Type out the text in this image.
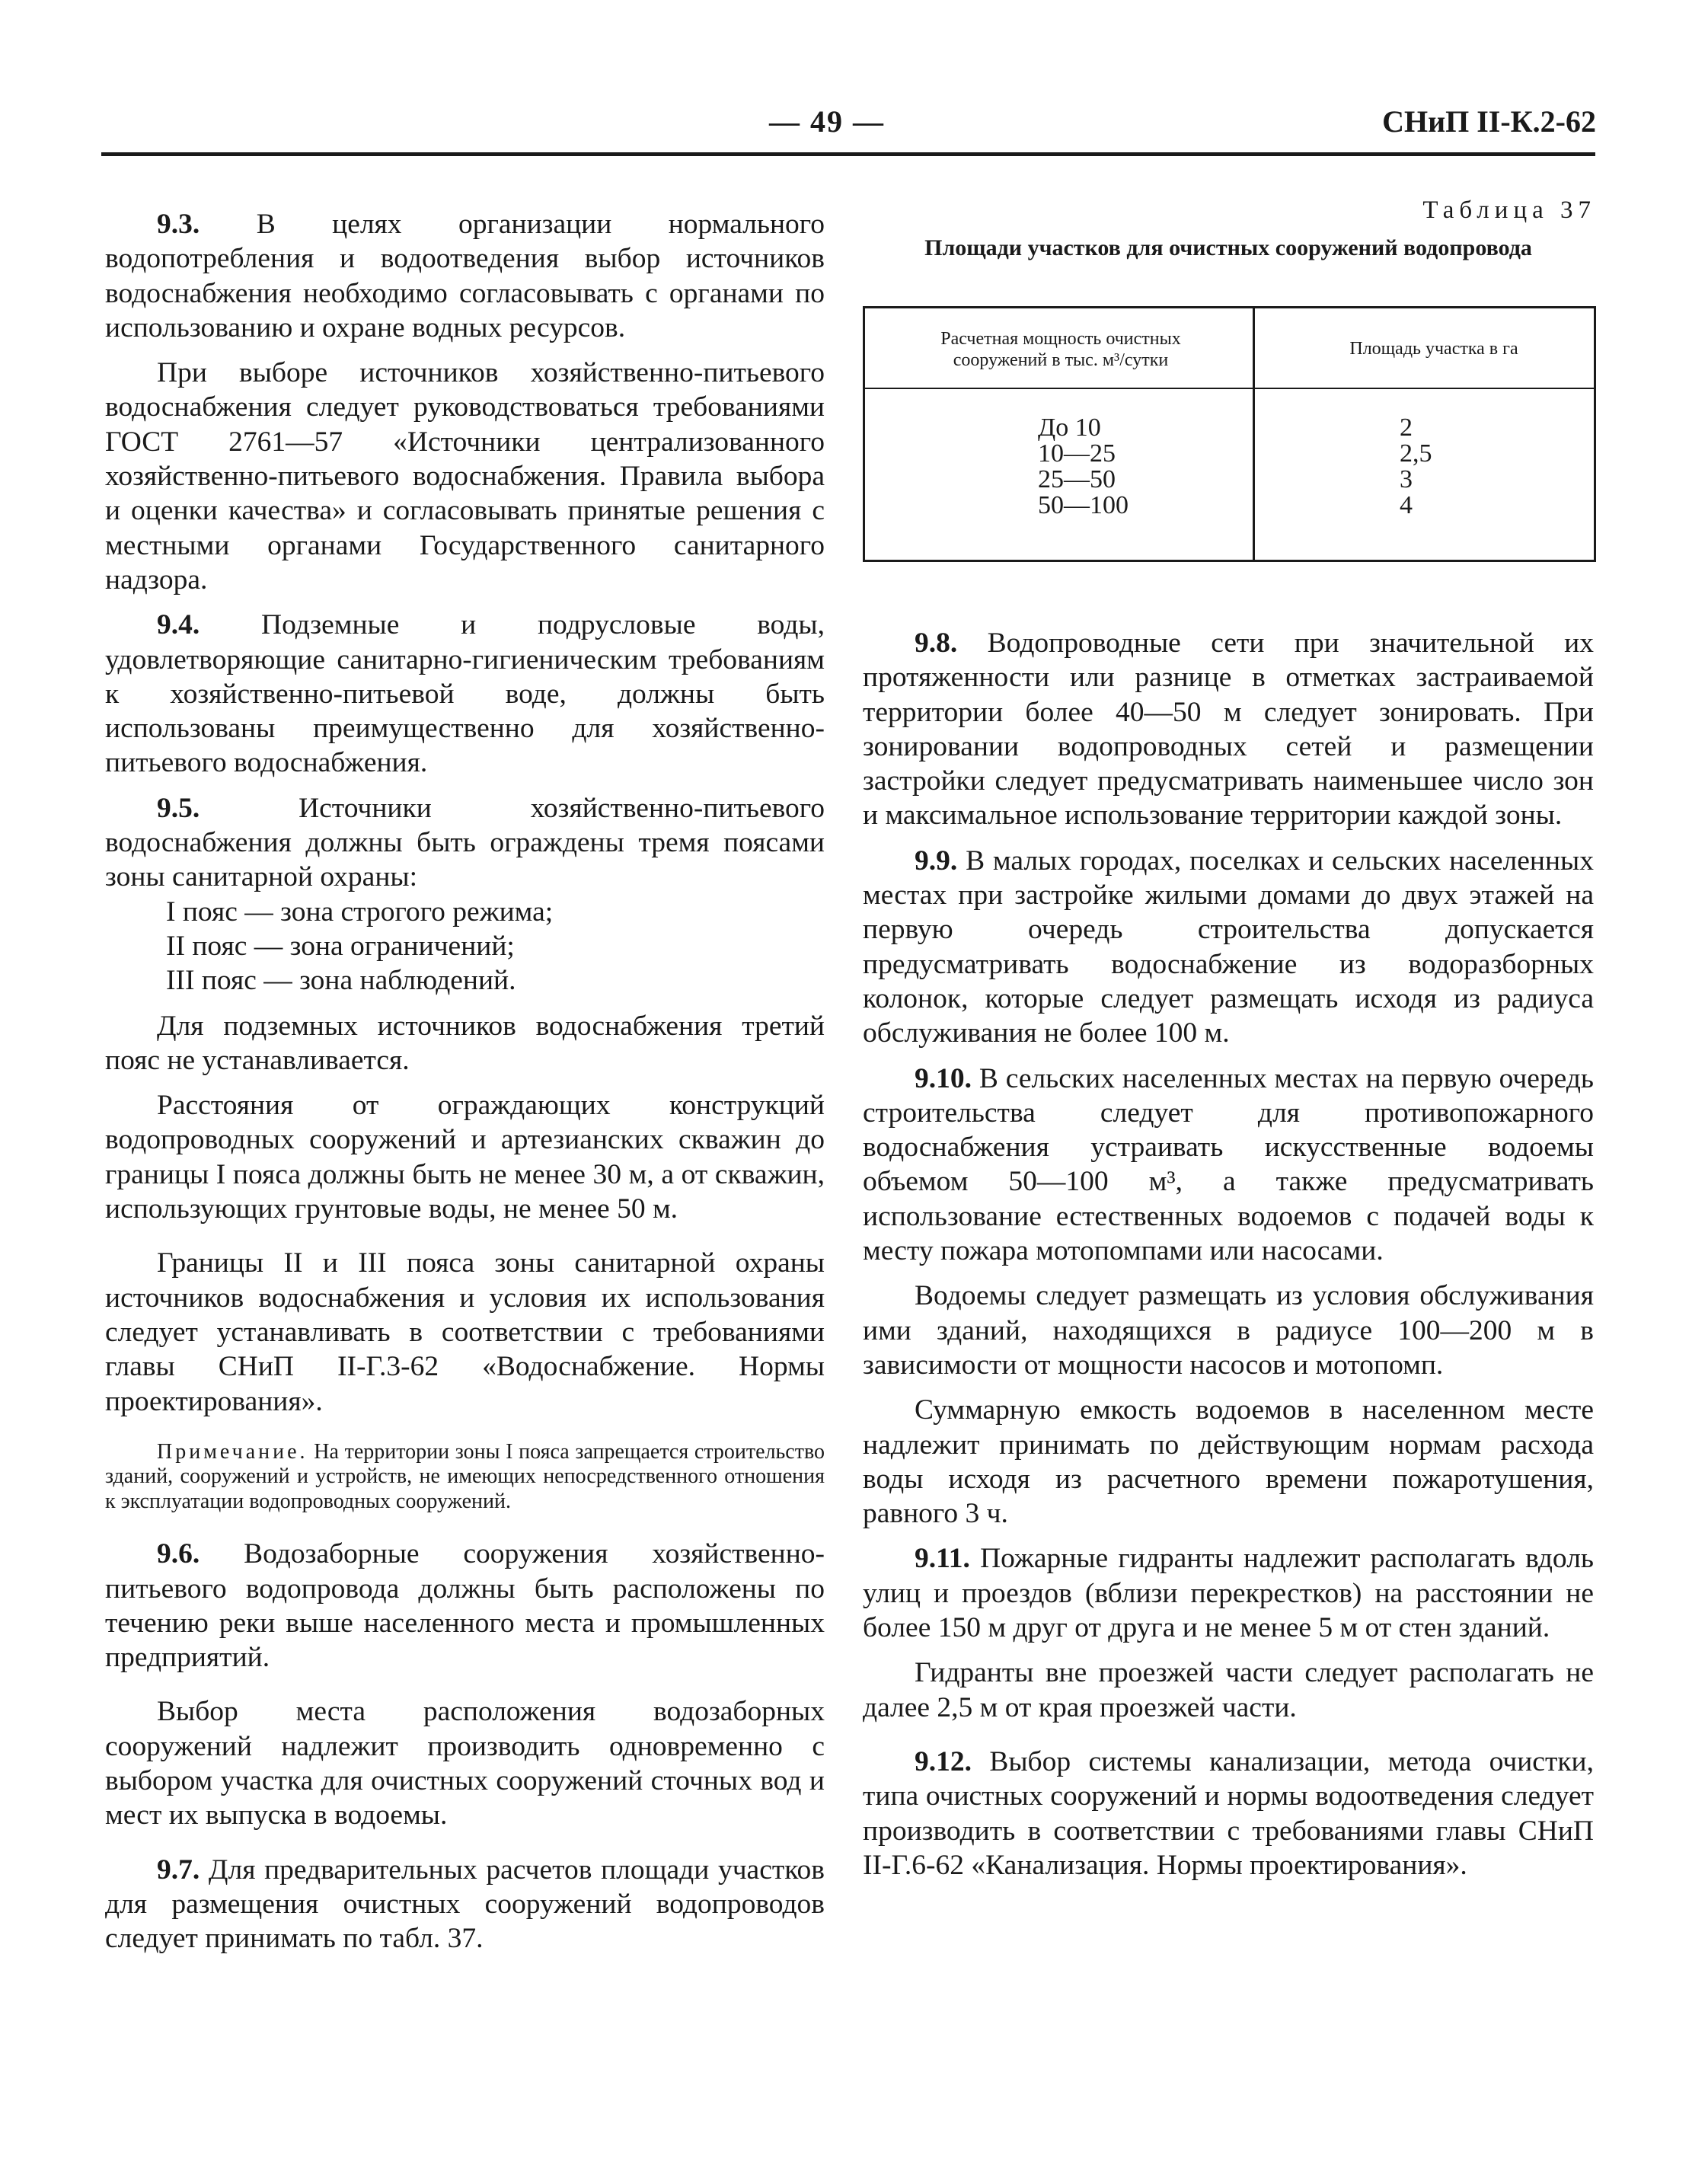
— 49 —	СНиП II-К.2-62

9.3. В целях организации нормального водопотребления и водоотведения выбор источников водоснабжения необходимо согласовывать с органами по использованию и охране водных ресурсов.

При выборе источников хозяйственно-питьевого водоснабжения следует руководствоваться требованиями ГОСТ 2761—57 «Источники централизованного хозяйственно-питьевого водоснабжения. Правила выбора и оценки качества» и согласовывать принятые решения с местными органами Государственного санитарного надзора.

9.4. Подземные и подрусловые воды, удовлетворяющие санитарно-гигиеническим требованиям к хозяйственно-питьевой воде, должны быть использованы преимущественно для хозяйственно-питьевого водоснабжения.

9.5.	Источники хозяйственно-питьевого водоснабжения должны быть ограждены тремя поясами зоны санитарной охраны:

I пояс — зона строгого режима;

II пояс — зона ограничений;

III пояс — зона наблюдений.

Для подземных источников водоснабжения третий пояс не устанавливается.

Расстояния от ограждающих конструкций водопроводных сооружений и артезианских скважин до границы I пояса должны быть не менее 30 м, а от скважин, использующих грунтовые воды, не менее 50 м.

Границы II и III пояса зоны санитарной охраны источников водоснабжения и условия их использования следует устанавливать в соответствии с требованиями главы СНиП II-Г.3-62 «Водоснабжение. Нормы проектирования».

Примечание. На территории зоны I пояса запрещается строительство зданий, сооружений и устройств, не имеющих непосредственного отношения к эксплуатации водопроводных сооружений.

9.6. Водозаборные сооружения хозяйственно-питьевого водопровода должны быть расположены по течению реки выше населенного места и промышленных предприятий.

Выбор места расположения водозаборных сооружений надлежит производить одновременно с выбором участка для очистных сооружений сточных вод и мест их выпуска в водоемы.

9.7. Для предварительных расчетов площади участков для размещения очистных сооружений водопроводов следует принимать по табл. 37.

Таблица 37
Площади участков для очистных сооружений водопровода
Расчетная мощность очистных сооружений в тыс. м³/сутки
Площадь участка в га
До 10
10—25
25—50
50—100
2
2,5
3
4

9.8. Водопроводные сети при значительной их протяженности или разнице в отметках застраиваемой территории более 40—50 м следует зонировать. При зонировании водопроводных сетей и размещении застройки следует предусматривать наименьшее число зон и максимальное использование территории каждой зоны.

9.9. В малых городах, поселках и сельских населенных местах при застройке жилыми домами до двух этажей на первую очередь строительства допускается предусматривать водоснабжение из водоразборных колонок, которые следует размещать исходя из радиуса обслуживания не более 100 м.

9.10. В сельских населенных местах на первую очередь строительства следует для противопожарного водоснабжения устраивать искусственные водоемы объемом 50—100 м³, а также предусматривать использование естественных водоемов с подачей воды к месту пожара мотопомпами или насосами.

Водоемы следует размещать из условия обслуживания ими зданий, находящихся в радиусе 100—200 м в зависимости от мощности насосов и мотопомп.

Суммарную емкость водоемов в населенном месте надлежит принимать по действующим нормам расхода воды исходя из расчетного времени пожаротушения, равного 3 ч.

9.11. Пожарные гидранты надлежит располагать вдоль улиц и проездов (вблизи перекрестков) на расстоянии не более 150 м друг от друга и не менее 5 м от стен зданий.

Гидранты вне проезжей части следует располагать не далее 2,5 м от края проезжей части.

9.12. Выбор системы канализации, метода очистки, типа очистных сооружений и нормы водоотведения следует производить в соответствии с требованиями главы СНиП II-Г.6-62 «Канализация. Нормы проектирования».
